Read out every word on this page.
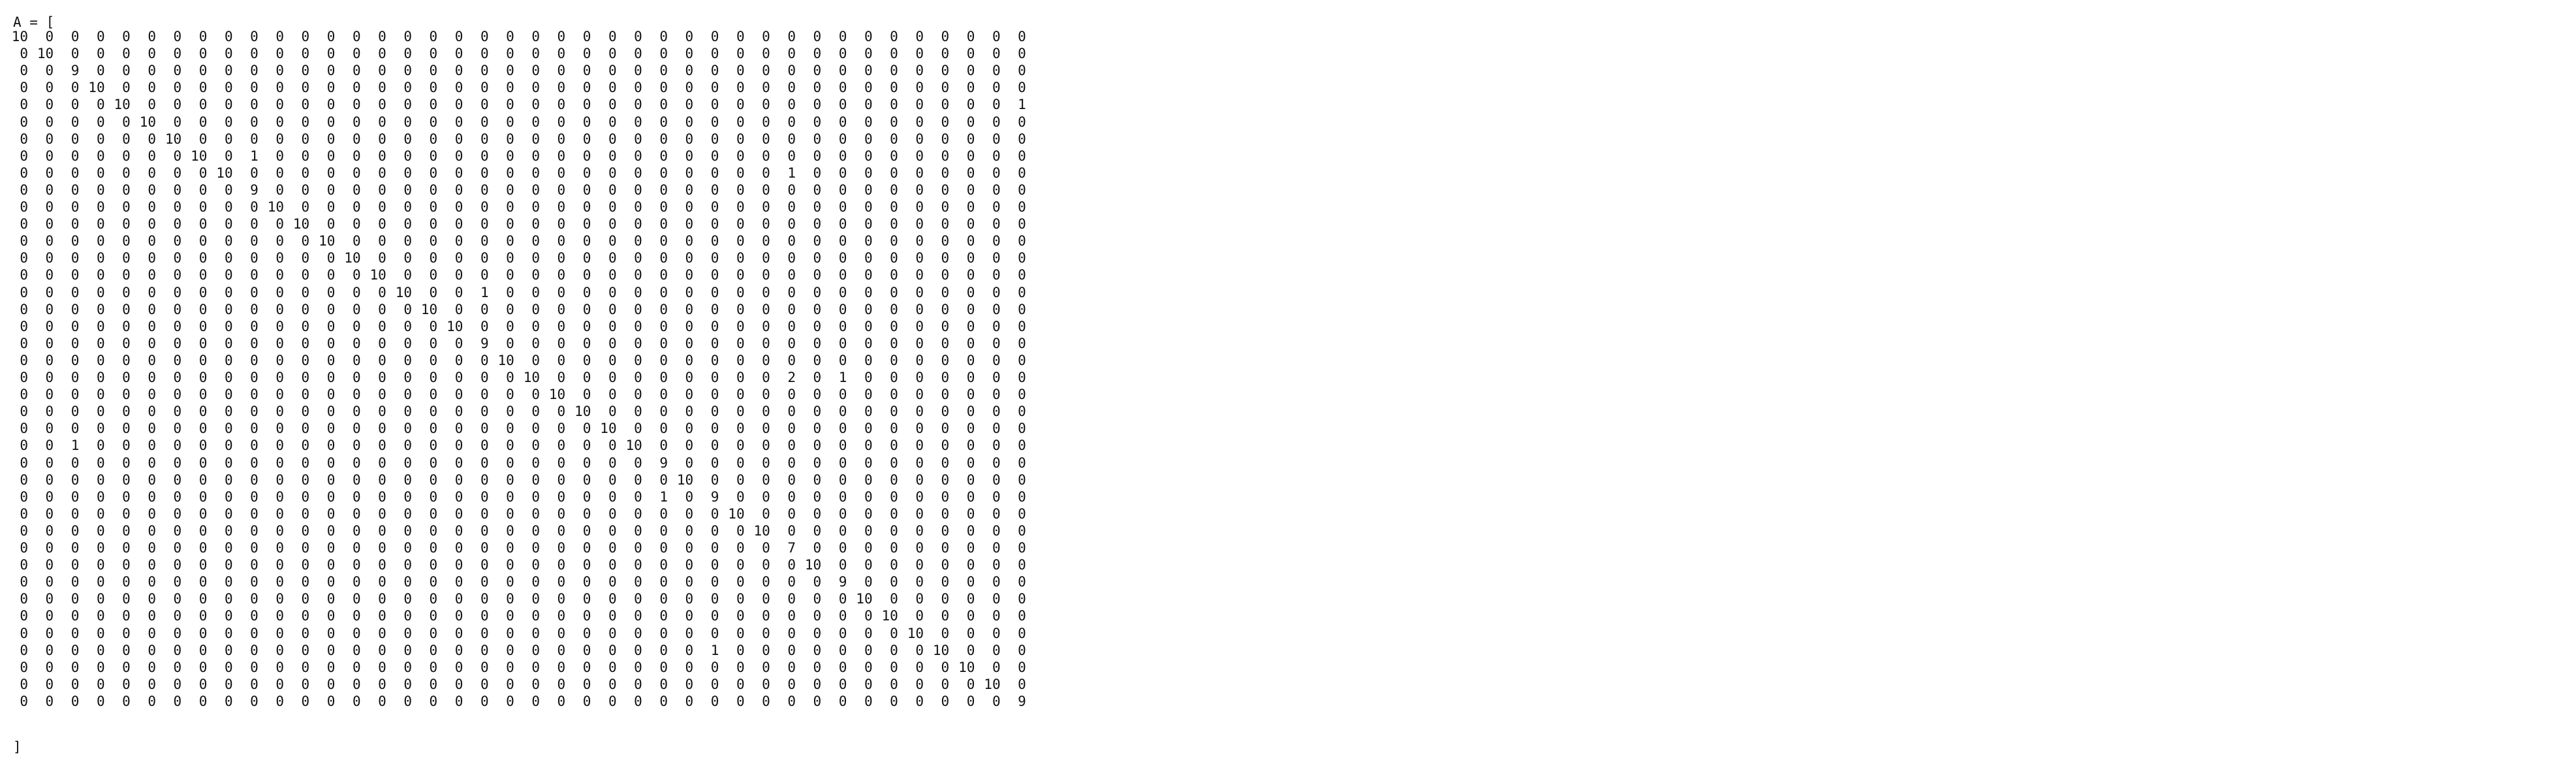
A = [
10	0	0	0	0	0	0	0	0	0	0	0	0	0	0	0	0	0	0	0	0	0	0	0	0	0	0	0	0	0	0	0	0	0	0	0	0	0	0	0
0 10	0	0	0	0	0	0	0	0	0	0	0	0	0	0	0	0	0	0	0	0	0	0	0	0	0	0	0	0	0	0	0	0	0	0	0	0	0	0
0	0	9	0	0	0	0	0	0	0	0	0	0	0	0	0	0	0	0	0	0	0	0	0	0	0	0	0	0	0	0	0	0	0	0	0	0	0	0	0
0	0	0 10	0	0	0	0	0	0	0	0	0	0	0	0	0	0	0	0	0	0	0	0	0	0	0	0	0	0	0	0	0	0	0	0	0	0	0	0
0	0	0	0 10	0	0	0	0	0	0	0	0	0	0	0	0	0	0	0	0	0	0	0	0	0	0	0	0	0	0	0	0	0	0	0	0	0	0	1
0	0	0	0	0 10	0	0	0	0	0	0	0	0	0	0	0	0	0	0	0	0	0	0	0	0	0	0	0	0	0	0	0	0	0	0	0	0	0	0
0	0	0	0	0	0 10	0	0	0	0	0	0	0	0	0	0	0	0	0	0	0	0	0	0	0	0	0	0	0	0	0	0	0	0	0	0	0	0	0
0	0	0	0	0	0	0 10	0	1	0	0	0	0	0	0	0	0	0	0	0	0	0	0	0	0	0	0	0	0	0	0	0	0	0	0	0	0	0	0
0	0	0	0	0	0	0	0 10	0	0	0	0	0	0	0	0	0	0	0	0	0	0	0	0	0	0	0	0	0	1	0	0	0	0	0	0	0	0	0
0	0	0	0	0	0	0	0	0	9	0	0	0	0	0	0	0	0	0	0	0	0	0	0	0	0	0	0	0	0	0	0	0	0	0	0	0	0	0	0
0	0	0	0	0	0	0	0	0	0 10	0	0	0	0	0	0	0	0	0	0	0	0	0	0	0	0	0	0	0	0	0	0	0	0	0	0	0	0	0
0	0	0	0	0	0	0	0	0	0	0 10	0	0	0	0	0	0	0	0	0	0	0	0	0	0	0	0	0	0	0	0	0	0	0	0	0	0	0	0
0	0	0	0	0	0	0	0	0	0	0	0 10	0	0	0	0	0	0	0	0	0	0	0	0	0	0	0	0	0	0	0	0	0	0	0	0	0	0	0
0	0	0	0	0	0	0	0	0	0	0	0	0 10	0	0	0	0	0	0	0	0	0	0	0	0	0	0	0	0	0	0	0	0	0	0	0	0	0	0
0	0	0	0	0	0	0	0	0	0	0	0	0	0 10	0	0	0	0	0	0	0	0	0	0	0	0	0	0	0	0	0	0	0	0	0	0	0	0	0
0	0	0	0	0	0	0	0	0	0	0	0	0	0	0 10	0	0	1	0	0	0	0	0	0	0	0	0	0	0	0	0	0	0	0	0	0	0	0	0
0	0	0	0	0	0	0	0	0	0	0	0	0	0	0	0 10	0	0	0	0	0	0	0	0	0	0	0	0	0	0	0	0	0	0	0	0	0	0	0
0	0	0	0	0	0	0	0	0	0	0	0	0	0	0	0	0 10	0	0	0	0	0	0	0	0	0	0	0	0	0	0	0	0	0	0	0	0	0	0
0	0	0	0	0	0	0	0	0	0	0	0	0	0	0	0	0	0	9	0	0	0	0	0	0	0	0	0	0	0	0	0	0	0	0	0	0	0	0	0
0	0	0	0	0	0	0	0	0	0	0	0	0	0	0	0	0	0	0 10	0	0	0	0	0	0	0	0	0	0	0	0	0	0	0	0	0	0	0	0
0	0	0	0	0	0	0	0	0	0	0	0	0	0	0	0	0	0	0	0 10	0	0	0	0	0	0	0	0	0	2	0	1	0	0	0	0	0	0	0
0	0	0	0	0	0	0	0	0	0	0	0	0	0	0	0	0	0	0	0	0 10	0	0	0	0	0	0	0	0	0	0	0	0	0	0	0	0	0	0
0	0	0	0	0	0	0	0	0	0	0	0	0	0	0	0	0	0	0	0	0	0 10	0	0	0	0	0	0	0	0	0	0	0	0	0	0	0	0	0
0	0	0	0	0	0	0	0	0	0	0	0	0	0	0	0	0	0	0	0	0	0	0 10	0	0	0	0	0	0	0	0	0	0	0	0	0	0	0	0
0	0	1	0	0	0	0	0	0	0	0	0	0	0	0	0	0	0	0	0	0	0	0	0 10	0	0	0	0	0	0	0	0	0	0	0	0	0	0	0
0	0	0	0	0	0	0	0	0	0	0	0	0	0	0	0	0	0	0	0	0	0	0	0	0	9	0	0	0	0	0	0	0	0	0	0	0	0	0	0
0	0	0	0	0	0	0	0	0	0	0	0	0	0	0	0	0	0	0	0	0	0	0	0	0	0 10	0	0	0	0	0	0	0	0	0	0	0	0	0
0	0	0	0	0	0	0	0	0	0	0	0	0	0	0	0	0	0	0	0	0	0	0	0	0	1	0	9	0	0	0	0	0	0	0	0	0	0	0	0
0	0	0	0	0	0	0	0	0	0	0	0	0	0	0	0	0	0	0	0	0	0	0	0	0	0	0	0 10	0	0	0	0	0	0	0	0	0	0	0
0	0	0	0	0	0	0	0	0	0	0	0	0	0	0	0	0	0	0	0	0	0	0	0	0	0	0	0	0 10	0	0	0	0	0	0	0	0	0	0
0	0	0	0	0	0	0	0	0	0	0	0	0	0	0	0	0	0	0	0	0	0	0	0	0	0	0	0	0	0	7	0	0	0	0	0	0	0	0	0
0	0	0	0	0	0	0	0	0	0	0	0	0	0	0	0	0	0	0	0	0	0	0	0	0	0	0	0	0	0	0 10	0	0	0	0	0	0	0	0
0	0	0	0	0	0	0	0	0	0	0	0	0	0	0	0	0	0	0	0	0	0	0	0	0	0	0	0	0	0	0	0	9	0	0	0	0	0	0	0
0	0	0	0	0	0	0	0	0	0	0	0	0	0	0	0	0	0	0	0	0	0	0	0	0	0	0	0	0	0	0	0	0 10	0	0	0	0	0	0
0	0	0	0	0	0	0	0	0	0	0	0	0	0	0	0	0	0	0	0	0	0	0	0	0	0	0	0	0	0	0	0	0	0 10	0	0	0	0	0
0	0	0	0	0	0	0	0	0	0	0	0	0	0	0	0	0	0	0	0	0	0	0	0	0	0	0	0	0	0	0	0	0	0	0 10	0	0	0	0
0	0	0	0	0	0	0	0	0	0	0	0	0	0	0	0	0	0	0	0	0	0	0	0	0	0	0	1	0	0	0	0	0	0	0	0 10	0	0	0
0	0	0	0	0	0	0	0	0	0	0	0	0	0	0	0	0	0	0	0	0	0	0	0	0	0	0	0	0	0	0	0	0	0	0	0	0 10	0	0
0	0	0	0	0	0	0	0	0	0	0	0	0	0	0	0	0	0	0	0	0	0	0	0	0	0	0	0	0	0	0	0	0	0	0	0	0	0 10	0
0	0	0	0	0	0	0	0	0	0	0	0	0	0	0	0	0	0	0	0	0	0	0	0	0	0	0	0	0	0	0	0	0	0	0	0	0	0	0	9
]
